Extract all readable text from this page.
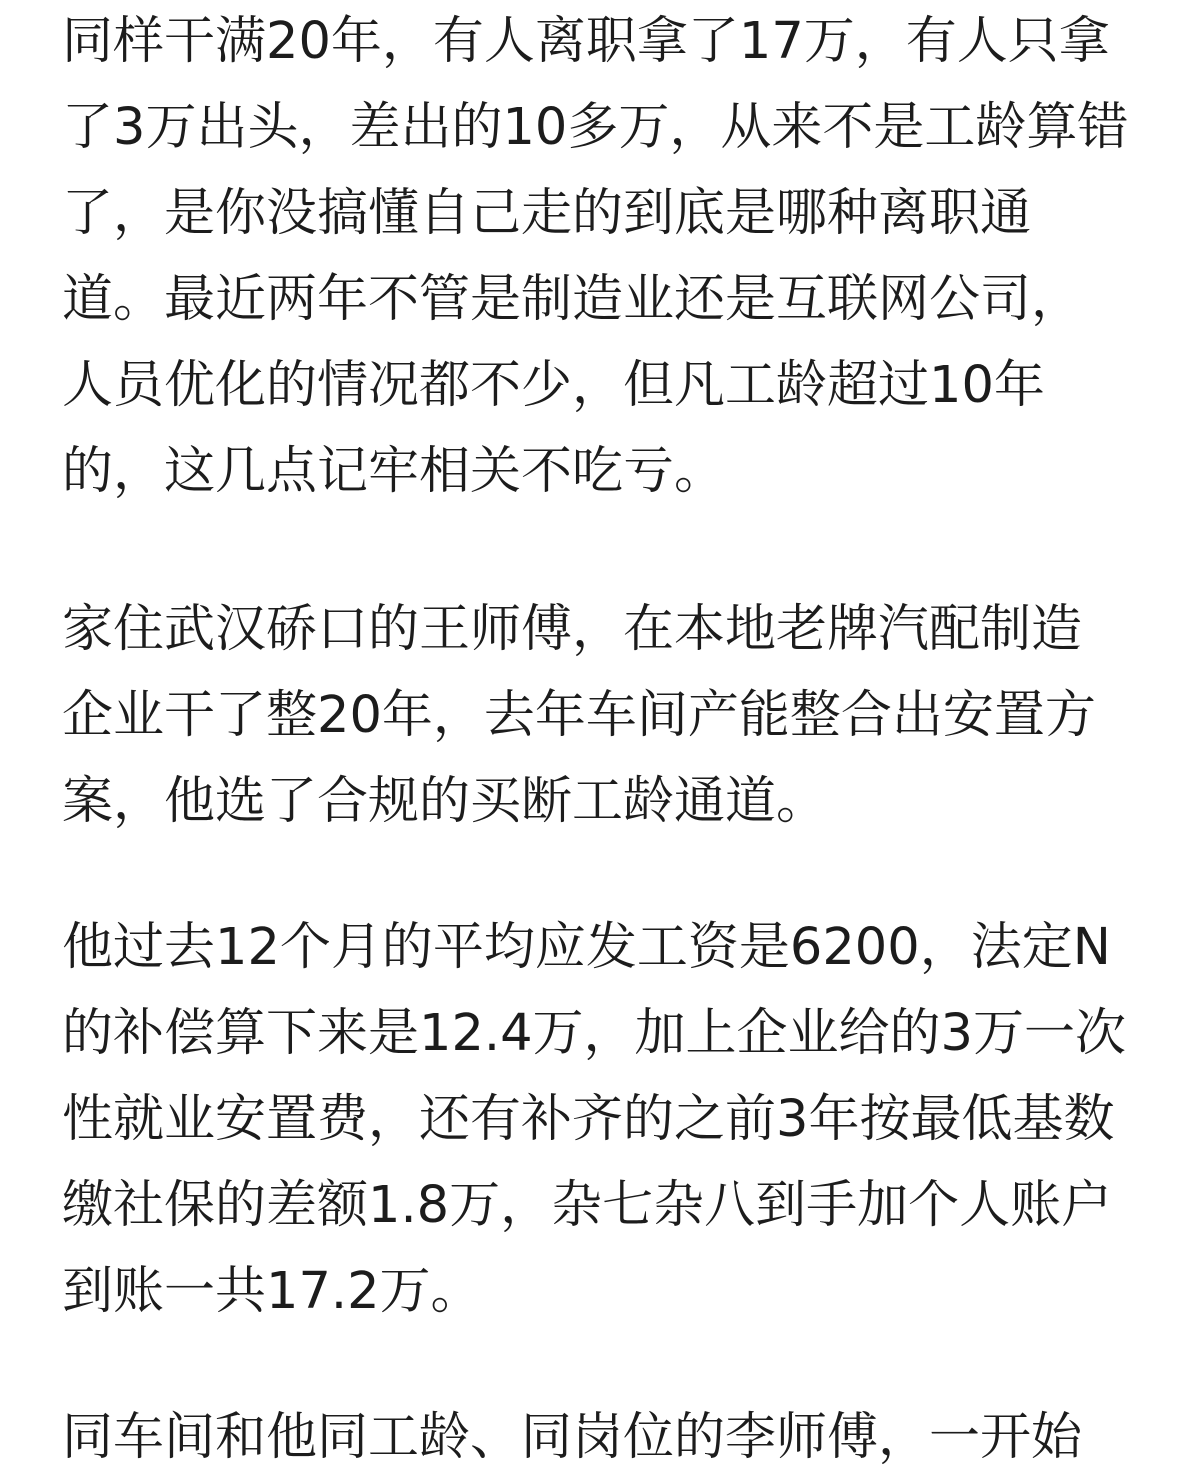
同样干满20年，有人离职拿了17万，有人只拿
了3万出头，差出的10多万，从来不是工龄算错
了，是你没搞懂自己走的到底是哪种离职通
道。最近两年不管是制造业还是互联网公司，
人员优化的情况都不少，但凡工龄超过10年
的，这几点记牢相关不吃亏。

家住武汉硚口的王师傅，在本地老牌汽配制造
企业干了整20年，去年车间产能整合出安置方
案，他选了合规的买断工龄通道。

他过去12个月的平均应发工资是6200，法定N
的补偿算下来是12.4万，加上企业给的3万一次
性就业安置费，还有补齐的之前3年按最低基数
缴社保的差额1.8万，杂七杂八到手加个人账户
到账一共17.2万。

同车间和他同工龄、同岗位的李师傅，一开始
